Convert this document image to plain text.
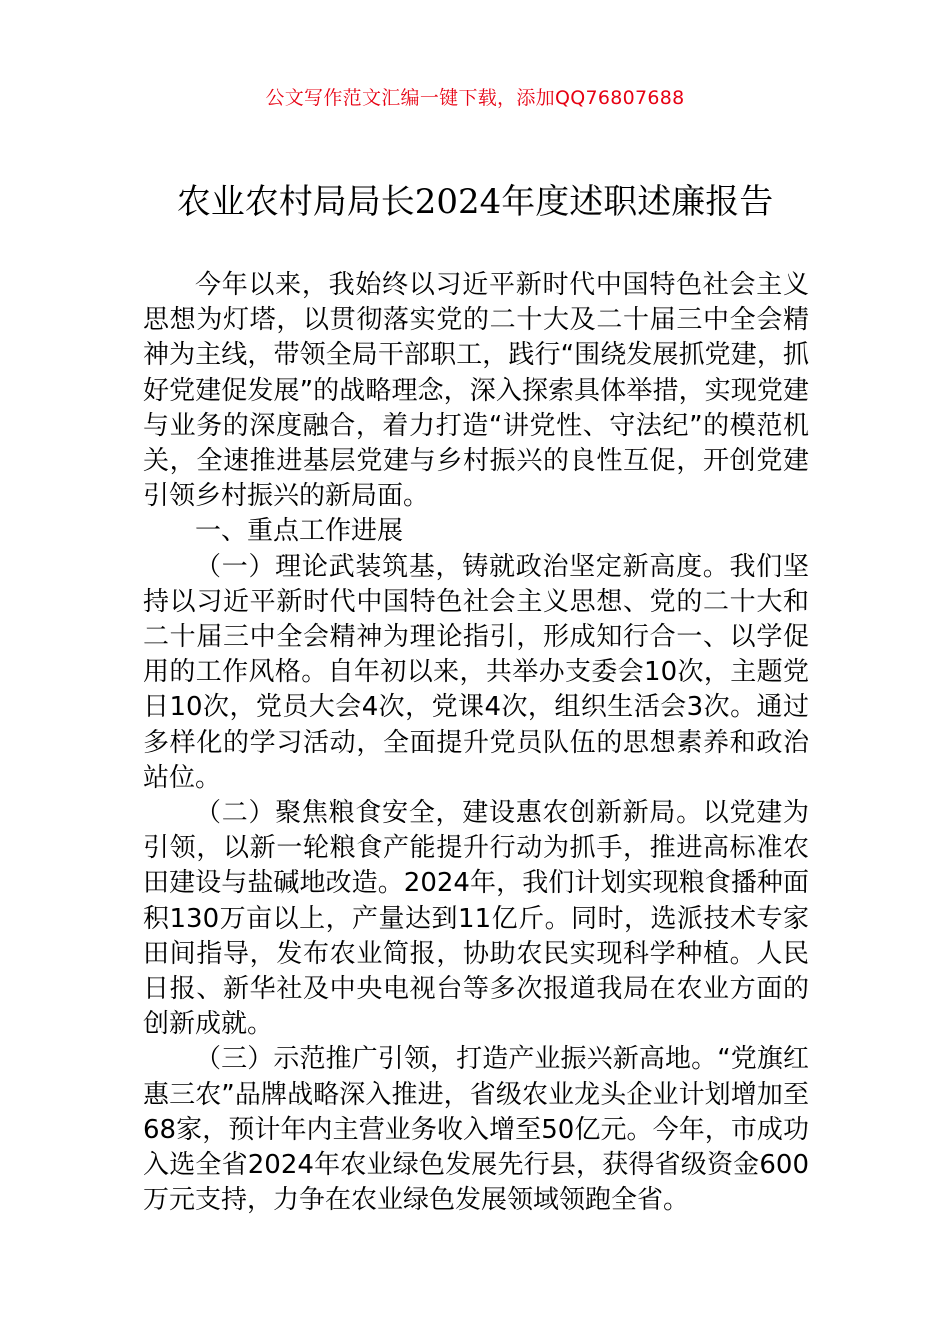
公文写作范文汇编一键下载，添加QQ76807688
农业农村局局长2024年度述职述廉报告

今年以来，我始终以习近平新时代中国特色社会主义思想为灯塔，以贯彻落实党的二十大及二十届三中全会精神为主线，带领全局干部职工，践行“围绕发展抓党建，抓好党建促发展”的战略理念，深入探索具体举措，实现党建与业务的深度融合，着力打造“讲党性、守法纪”的模范机关，全速推进基层党建与乡村振兴的良性互促，开创党建引领乡村振兴的新局面。

一、重点工作进展

（一）理论武装筑基，铸就政治坚定新高度。我们坚持以习近平新时代中国特色社会主义思想、党的二十大和二十届三中全会精神为理论指引，形成知行合一、以学促用的工作风格。自年初以来，共举办支委会10次，主题党日10次，党员大会4次，党课4次，组织生活会3次。通过多样化的学习活动，全面提升党员队伍的思想素养和政治站位。

（二）聚焦粮食安全，建设惠农创新新局。以党建为引领，以新一轮粮食产能提升行动为抓手，推进高标准农田建设与盐碱地改造。2024年，我们计划实现粮食播种面积130万亩以上，产量达到11亿斤。同时，选派技术专家田间指导，发布农业简报，协助农民实现科学种植。人民日报、新华社及中央电视台等多次报道我局在农业方面的创新成就。

（三）示范推广引领，打造产业振兴新高地。“党旗红惠三农”品牌战略深入推进，省级农业龙头企业计划增加至68家，预计年内主营业务收入增至50亿元。今年，市成功入选全省2024年农业绿色发展先行县，获得省级资金600万元支持，力争在农业绿色发展领域领跑全省。
